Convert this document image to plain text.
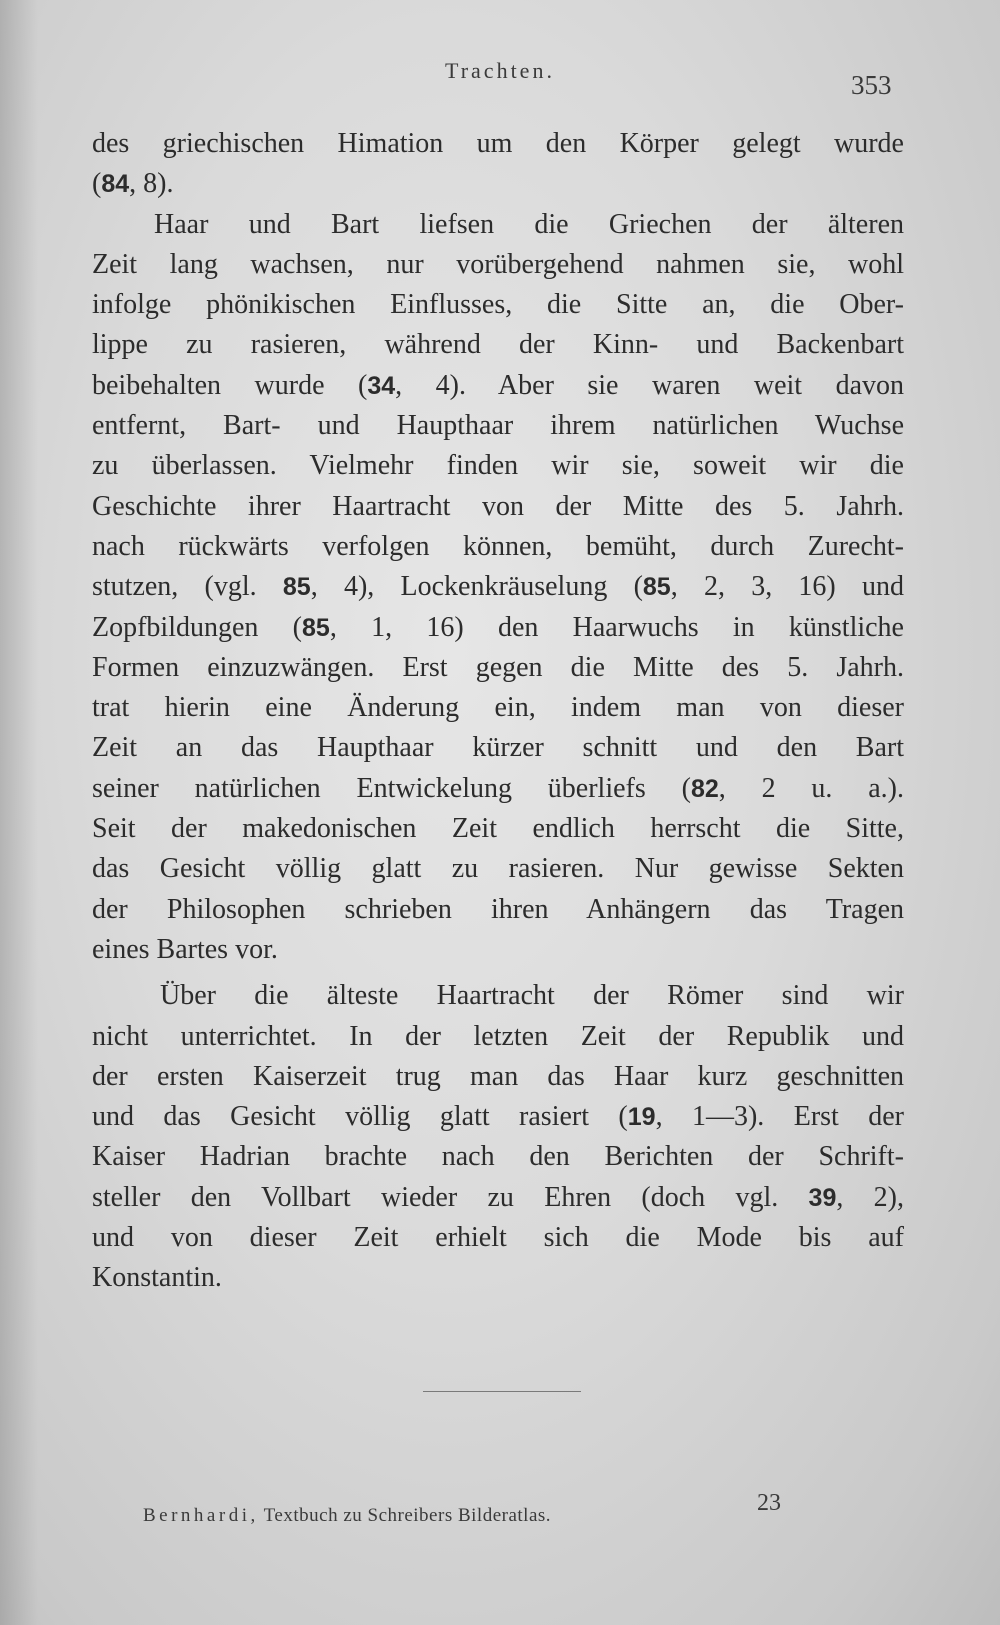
Trachten.	353
des griechischen Himation um den Körper gelegt wurde
(84, 8).
Haar und Bart liefsen die Griechen der älteren
Zeit lang wachsen, nur vorübergehend nahmen sie, wohl
infolge phönikischen Einflusses, die Sitte an, die Ober-
lippe zu rasieren, während der Kinn- und Backenbart
beibehalten wurde (34, 4). Aber sie waren weit davon
entfernt, Bart- und Haupthaar ihrem natürlichen Wuchse
zu überlassen. Vielmehr finden wir sie, soweit wir die
Geschichte ihrer Haartracht von der Mitte des 5. Jahrh.
nach rückwärts verfolgen können, bemüht, durch Zurecht-
stutzen, (vgl. 85, 4), Lockenkräuselung (85, 2, 3, 16) und
Zopfbildungen (85, 1, 16) den Haarwuchs in künstliche
Formen einzuzwängen. Erst gegen die Mitte des 5. Jahrh.
trat hierin eine Änderung ein, indem man von dieser
Zeit an das Haupthaar kürzer schnitt und den Bart
seiner natürlichen Entwickelung überliefs (82, 2 u. a.).
Seit der makedonischen Zeit endlich herrscht die Sitte,
das Gesicht völlig glatt zu rasieren. Nur gewisse Sekten
der Philosophen schrieben ihren Anhängern das Tragen
eines Bartes vor.
Über die älteste Haartracht der Römer sind wir
nicht unterrichtet. In der letzten Zeit der Republik und
der ersten Kaiserzeit trug man das Haar kurz geschnitten
und das Gesicht völlig glatt rasiert (19, 1—3). Erst der
Kaiser Hadrian brachte nach den Berichten der Schrift-
steller den Vollbart wieder zu Ehren (doch vgl. 39, 2),
und von dieser Zeit erhielt sich die Mode bis auf
Konstantin.
Bernhardi, Textbuch zu Schreibers Bilderatlas.	23
